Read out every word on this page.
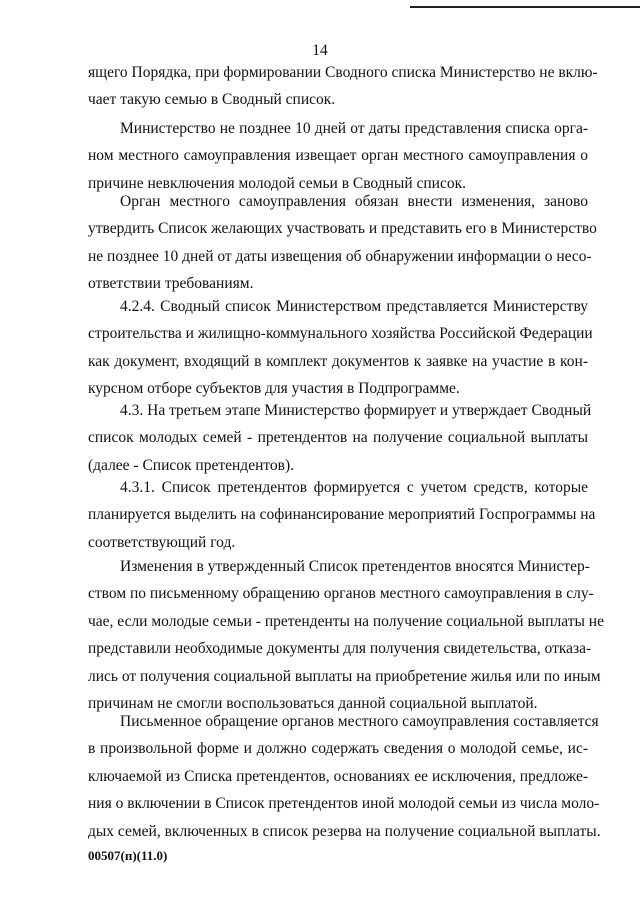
14
ящего Порядка, при формировании Сводного списка Министерство не вклю-
чает такую семью в Сводный список.
Министерство не позднее 10 дней от даты представления списка орга-
ном местного самоуправления извещает орган местного самоуправления о
причине невключения молодой семьи в Сводный список.
Орган местного самоуправления обязан внести изменения, заново
утвердить Список желающих участвовать и представить его в Министерство
не позднее 10 дней от даты извещения об обнаружении информации о несо-
ответствии требованиям.
4.2.4. Сводный список Министерством представляется Министерству
строительства и жилищно-коммунального хозяйства Российской Федерации
как документ, входящий в комплект документов к заявке на участие в кон-
курсном отборе субъектов для участия в Подпрограмме.
4.3. На третьем этапе Министерство формирует и утверждает Сводный
список молодых семей - претендентов на получение социальной выплаты
(далее - Список претендентов).
4.3.1. Список претендентов формируется с учетом средств, которые
планируется выделить на софинансирование мероприятий Госпрограммы на
соответствующий год.
Изменения в утвержденный Список претендентов вносятся Министер-
ством по письменному обращению органов местного самоуправления в слу-
чае, если молодые семьи - претенденты на получение социальной выплаты не
представили необходимые документы для получения свидетельства, отказа-
лись от получения социальной выплаты на приобретение жилья или по иным
причинам не смогли воспользоваться данной социальной выплатой.
Письменное обращение органов местного самоуправления составляется
в произвольной форме и должно содержать сведения о молодой семье, ис-
ключаемой из Списка претендентов, основаниях ее исключения, предложе-
ния о включении в Список претендентов иной молодой семьи из числа моло-
дых семей, включенных в список резерва на получение социальной выплаты.
00507(п)(11.0)
